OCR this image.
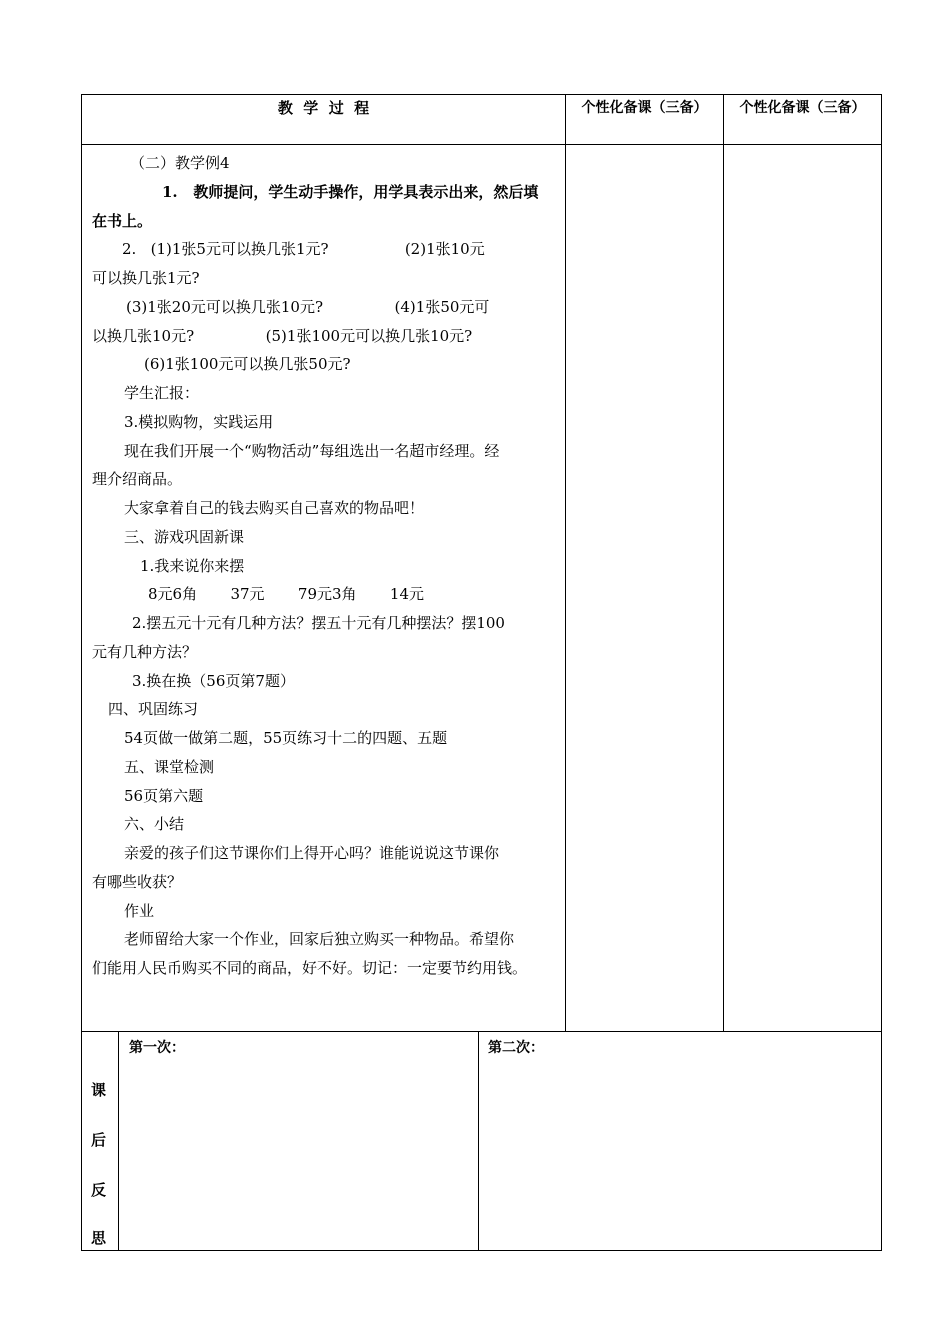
教  学  过  程	个性化备课（三备）	个性化备课（三备）
（二）教学例4
1.   教师提问，学生动手操作，用学具表示出来，然后填
在书上。
2.   (1)1张5元可以换几张1元?                (2)1张10元
可以换几张1元?
(3)1张20元可以换几张10元?               (4)1张50元可
以换几张10元?               (5)1张100元可以换几张10元?
(6)1张100元可以换几张50元?
学生汇报：
3.模拟购物，实践运用
现在我们开展一个“购物活动”每组选出一名超市经理。经
理介绍商品。
大家拿着自己的钱去购买自己喜欢的物品吧！
三、游戏巩固新课
1.我来说你来摆
8元6角       37元       79元3角       14元
2.摆五元十元有几种方法？摆五十元有几种摆法？摆100
元有几种方法？
3.换在换（56页第7题）
四、巩固练习
54页做一做第二题，55页练习十二的四题、五题
五、课堂检测
56页第六题
六、小结
亲爱的孩子们这节课你们上得开心吗？谁能说说这节课你
有哪些收获？
作业
老师留给大家一个作业，回家后独立购买一种物品。希望你
们能用人民币购买不同的商品，好不好。切记：一定要节约用钱。
课
后
反
思
第一次：	第二次：
